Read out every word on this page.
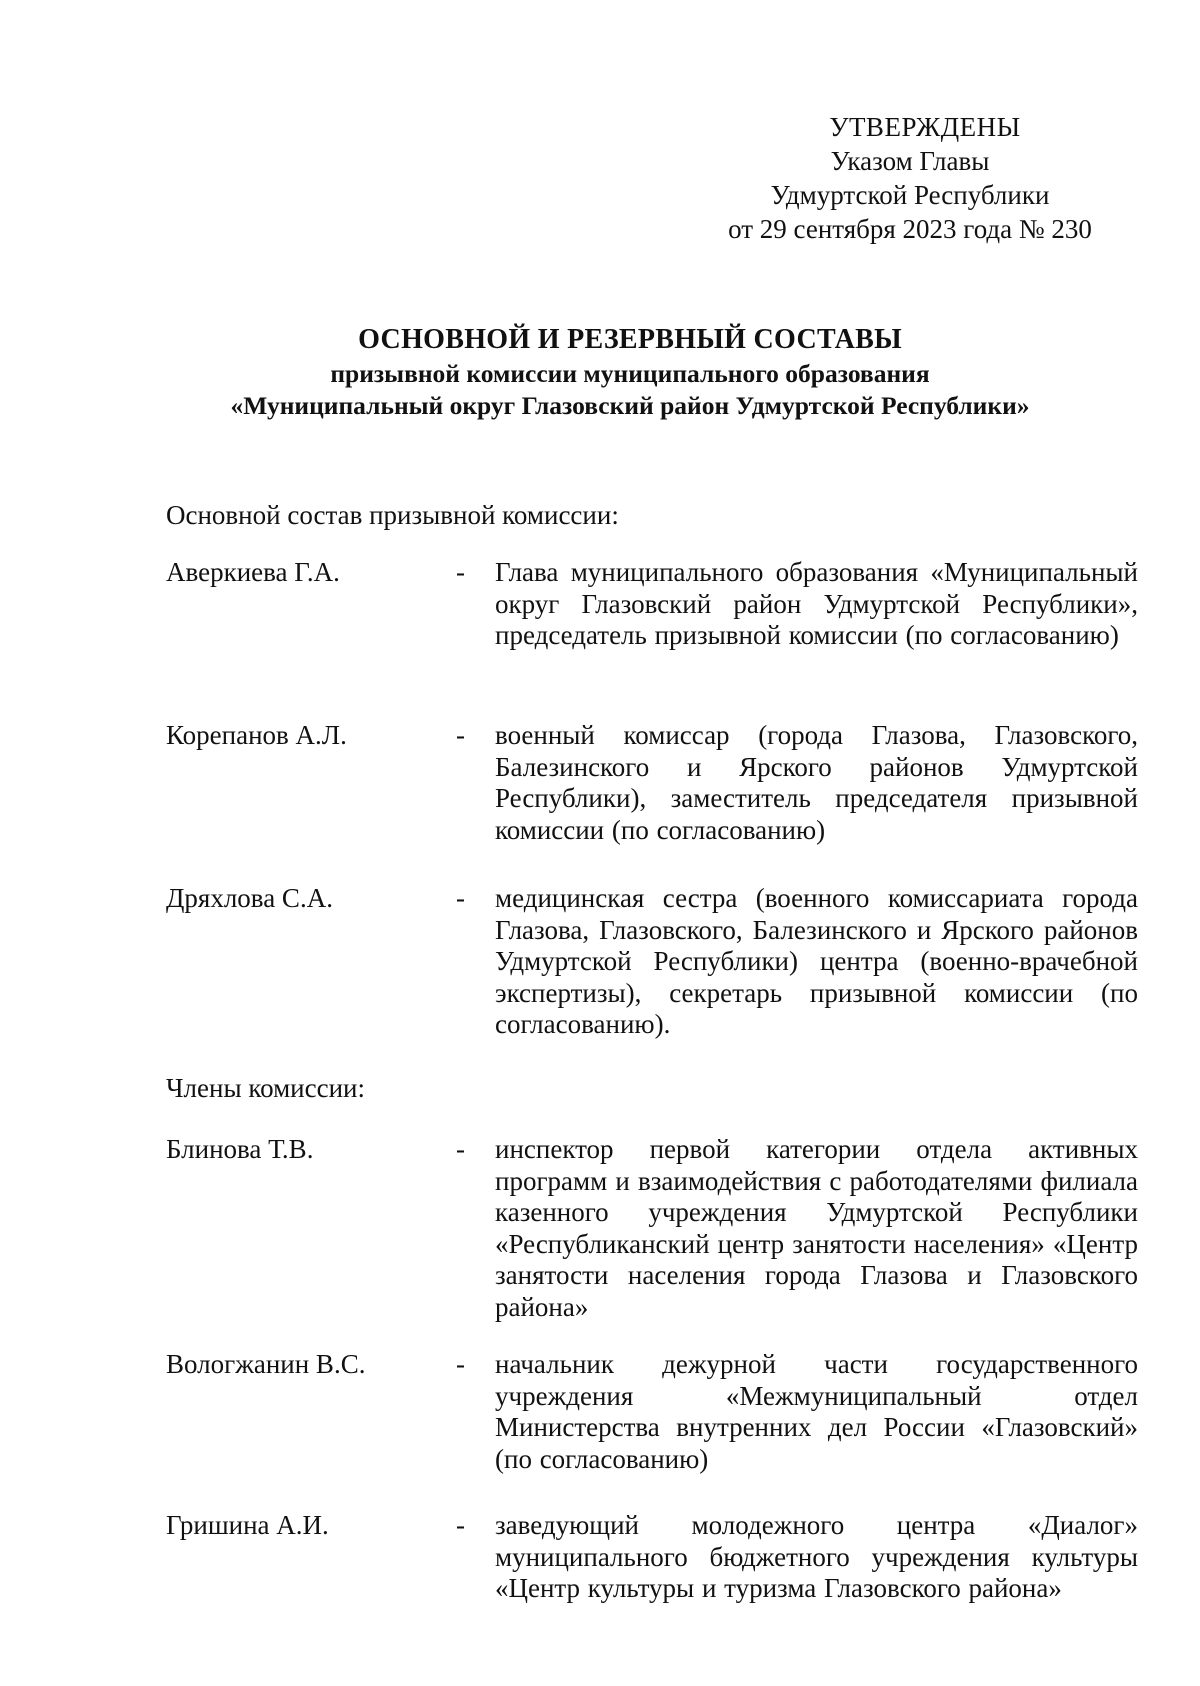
УТВЕРЖДЕНЫ
Указом Главы
Удмуртской Республики
от 29 сентября 2023 года № 230
ОСНОВНОЙ И РЕЗЕРВНЫЙ СОСТАВЫ
призывной комиссии муниципального образования
«Муниципальный округ Глазовский район Удмуртской Республики»
Основной состав призывной комиссии:
Аверкиева Г.А.	- Глава муниципального образования «Муниципальный округ Глазовский район Удмуртской Республики», председатель призывной комиссии (по согласованию)
Корепанов А.Л.	- военный комиссар (города Глазова, Глазовского, Балезинского и Ярского районов Удмуртской Республики), заместитель председателя призывной комиссии (по согласованию)
Дряхлова С.А.	- медицинская сестра (военного комиссариата города Глазова, Глазовского, Балезинского и Ярского районов Удмуртской Республики) центра (военно-врачебной экспертизы), секретарь призывной комиссии (по согласованию).
Члены комиссии:
Блинова Т.В.	- инспектор первой категории отдела активных программ и взаимодействия с работодателями филиала казенного учреждения Удмуртской Республики «Республиканский центр занятости населения» «Центр занятости населения города Глазова и Глазовского района»
Вологжанин В.С.	- начальник дежурной части государственного учреждения «Межмуниципальный отдел Министерства внутренних дел России «Глазовский» (по согласованию)
Гришина А.И.	- заведующий молодежного центра «Диалог» муниципального бюджетного учреждения культуры «Центр культуры и туризма Глазовского района»
